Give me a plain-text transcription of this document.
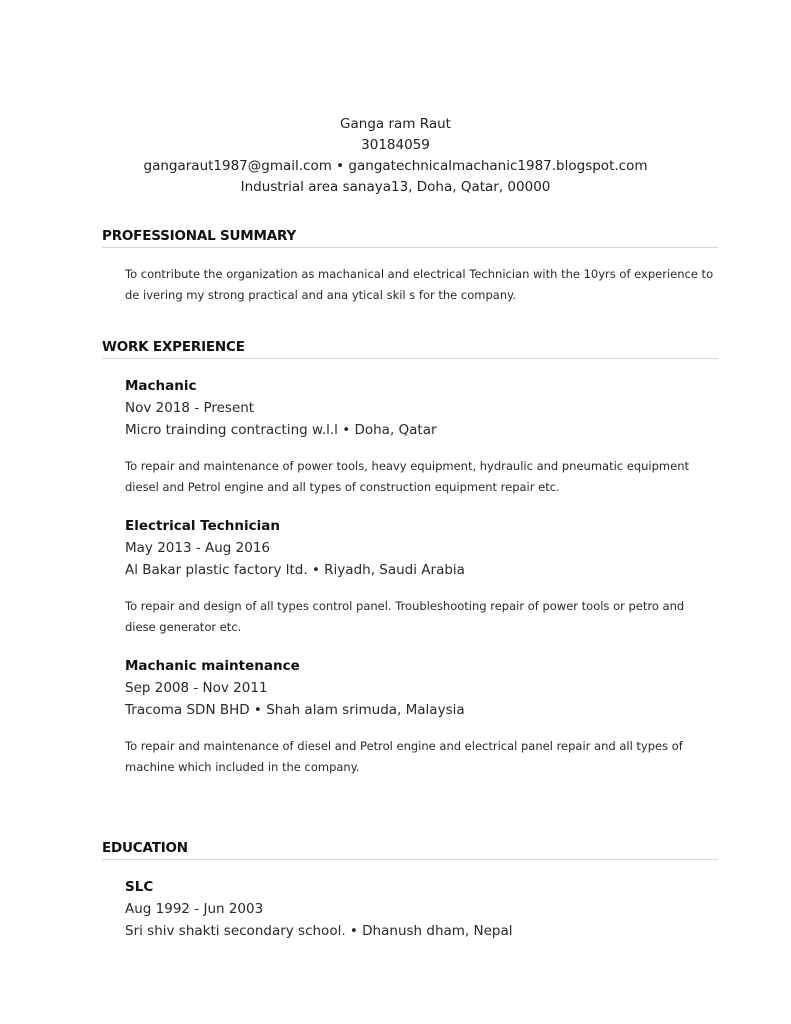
Ganga ram Raut
30184059
gangaraut1987@gmail.com • gangatechnicalmachanic1987.blogspot.com
Industrial area sanaya13, Doha, Qatar, 00000
PROFESSIONAL SUMMARY
To contribute the organization as machanical and electrical Technician with the 10yrs of experience to de ivering my strong practical and ana ytical skil s for the company.
WORK EXPERIENCE
Machanic
Nov 2018 - Present
Micro trainding contracting w.l.l • Doha, Qatar
To repair and maintenance of power tools, heavy equipment, hydraulic and pneumatic equipment diesel and Petrol engine and all types of construction equipment repair etc.
Electrical Technician
May 2013 - Aug 2016
Al Bakar plastic factory ltd. • Riyadh, Saudi Arabia
To repair and design of all types control panel. Troubleshooting repair of power tools or petro and diese generator etc.
Machanic maintenance
Sep 2008 - Nov 2011
Tracoma SDN BHD • Shah alam srimuda, Malaysia
To repair and maintenance of diesel and Petrol engine and electrical panel repair and all types of machine which included in the company.
EDUCATION
SLC
Aug 1992 - Jun 2003
Sri shiv shakti secondary school. • Dhanush dham, Nepal
